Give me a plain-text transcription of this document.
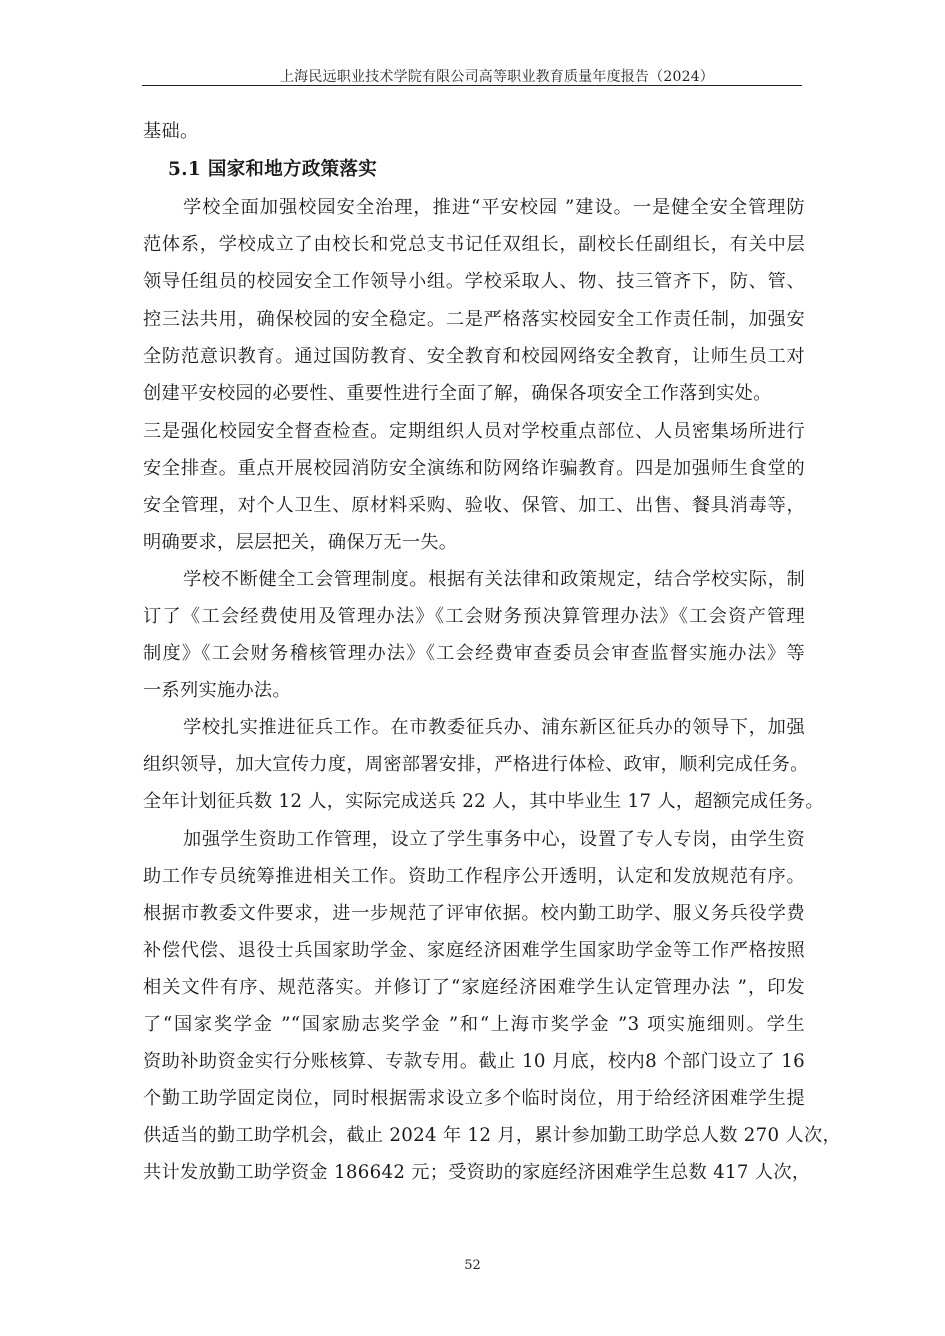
上海民远职业技术学院有限公司高等职业教育质量年度报告（2024）
基础。
5.1 国家和地方政策落实
学校全面加强校园安全治理，推进“平安校园 ”建设。一是健全安全管理防
范体系，学校成立了由校长和党总支书记任双组长，副校长任副组长，有关中层
领导任组员的校园安全工作领导小组。学校采取人、物、技三管齐下，防、管、
控三法共用，确保校园的安全稳定。二是严格落实校园安全工作责任制，加强安
全防范意识教育。通过国防教育、安全教育和校园网络安全教育，让师生员工对
创建平安校园的必要性、重要性进行全面了解，确保各项安全工作落到实处。
三是强化校园安全督查检查。定期组织人员对学校重点部位、人员密集场所进行
安全排查。重点开展校园消防安全演练和防网络诈骗教育。四是加强师生食堂的
安全管理，对个人卫生、原材料采购、验收、保管、加工、出售、餐具消毒等，
明确要求，层层把关，确保万无一失。
学校不断健全工会管理制度。根据有关法律和政策规定，结合学校实际，制
订了《工会经费使用及管理办法》《工会财务预决算管理办法》《工会资产管理
制度》《工会财务稽核管理办法》《工会经费审查委员会审查监督实施办法》等
一系列实施办法。
学校扎实推进征兵工作。在市教委征兵办、浦东新区征兵办的领导下，加强
组织领导，加大宣传力度，周密部署安排，严格进行体检、政审，顺利完成任务。
全年计划征兵数 12 人，实际完成送兵 22 人，其中毕业生 17 人，超额完成任务。
加强学生资助工作管理，设立了学生事务中心，设置了专人专岗，由学生资
助工作专员统筹推进相关工作。资助工作程序公开透明，认定和发放规范有序。
根据市教委文件要求，进一步规范了评审依据。校内勤工助学、服义务兵役学费
补偿代偿、退役士兵国家助学金、家庭经济困难学生国家助学金等工作严格按照
相关文件有序、规范落实。并修订了“家庭经济困难学生认定管理办法 ”，印发
了“国家奖学金 ”“国家励志奖学金 ”和“上海市奖学金 ”3 项实施细则。学生
资助补助资金实行分账核算、专款专用。截止 10 月底，校内8 个部门设立了 16
个勤工助学固定岗位，同时根据需求设立多个临时岗位，用于给经济困难学生提
供适当的勤工助学机会，截止 2024 年 12 月，累计参加勤工助学总人数 270 人次，
共计发放勤工助学资金 186642 元；受资助的家庭经济困难学生总数 417 人次，
52
